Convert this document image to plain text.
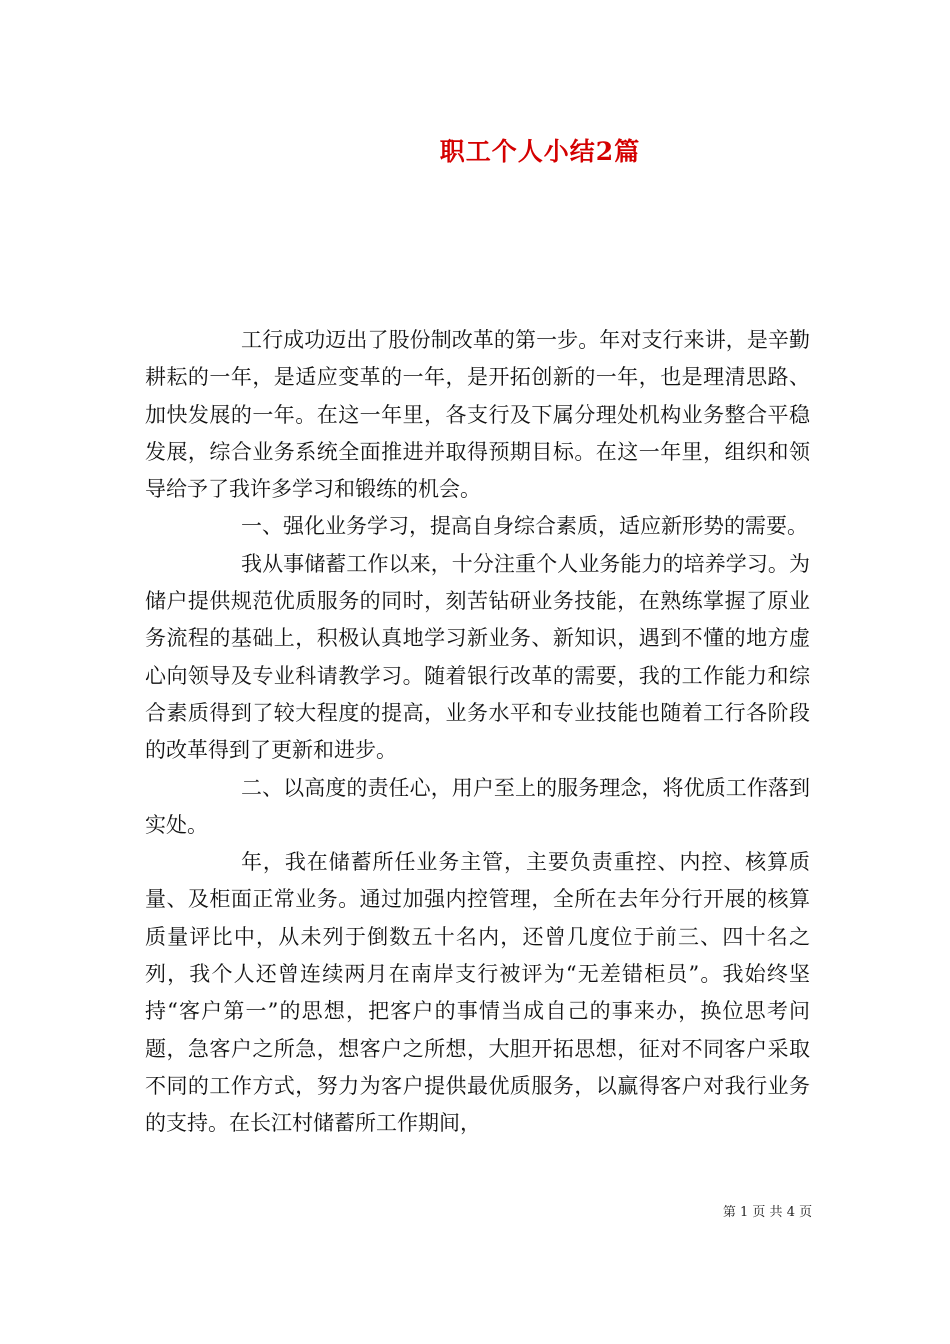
职工个人小结2篇

工行成功迈出了股份制改革的第一步。年对支行来讲，是辛勤耕耘的一年，是适应变革的一年，是开拓创新的一年，也是理清思路、加快发展的一年。在这一年里，各支行及下属分理处机构业务整合平稳发展，综合业务系统全面推进并取得预期目标。在这一年里，组织和领导给予了我许多学习和锻练的机会。

一、强化业务学习，提高自身综合素质，适应新形势的需要。

我从事储蓄工作以来，十分注重个人业务能力的培养学习。为储户提供规范优质服务的同时，刻苦钻研业务技能，在熟练掌握了原业务流程的基础上，积极认真地学习新业务、新知识，遇到不懂的地方虚心向领导及专业科请教学习。随着银行改革的需要，我的工作能力和综合素质得到了较大程度的提高，业务水平和专业技能也随着工行各阶段的改革得到了更新和进步。

二、以高度的责任心，用户至上的服务理念，将优质工作落到实处。

年，我在储蓄所任业务主管，主要负责重控、内控、核算质量、及柜面正常业务。通过加强内控管理，全所在去年分行开展的核算质量评比中，从未列于倒数五十名内，还曾几度位于前三、四十名之列，我个人还曾连续两月在南岸支行被评为“无差错柜员”。我始终坚持“客户第一”的思想，把客户的事情当成自己的事来办，换位思考问题，急客户之所急，想客户之所想，大胆开拓思想，征对不同客户采取不同的工作方式，努力为客户提供最优质服务，以赢得客户对我行业务的支持。在长江村储蓄所工作期间，

第 1 页 共 4 页
